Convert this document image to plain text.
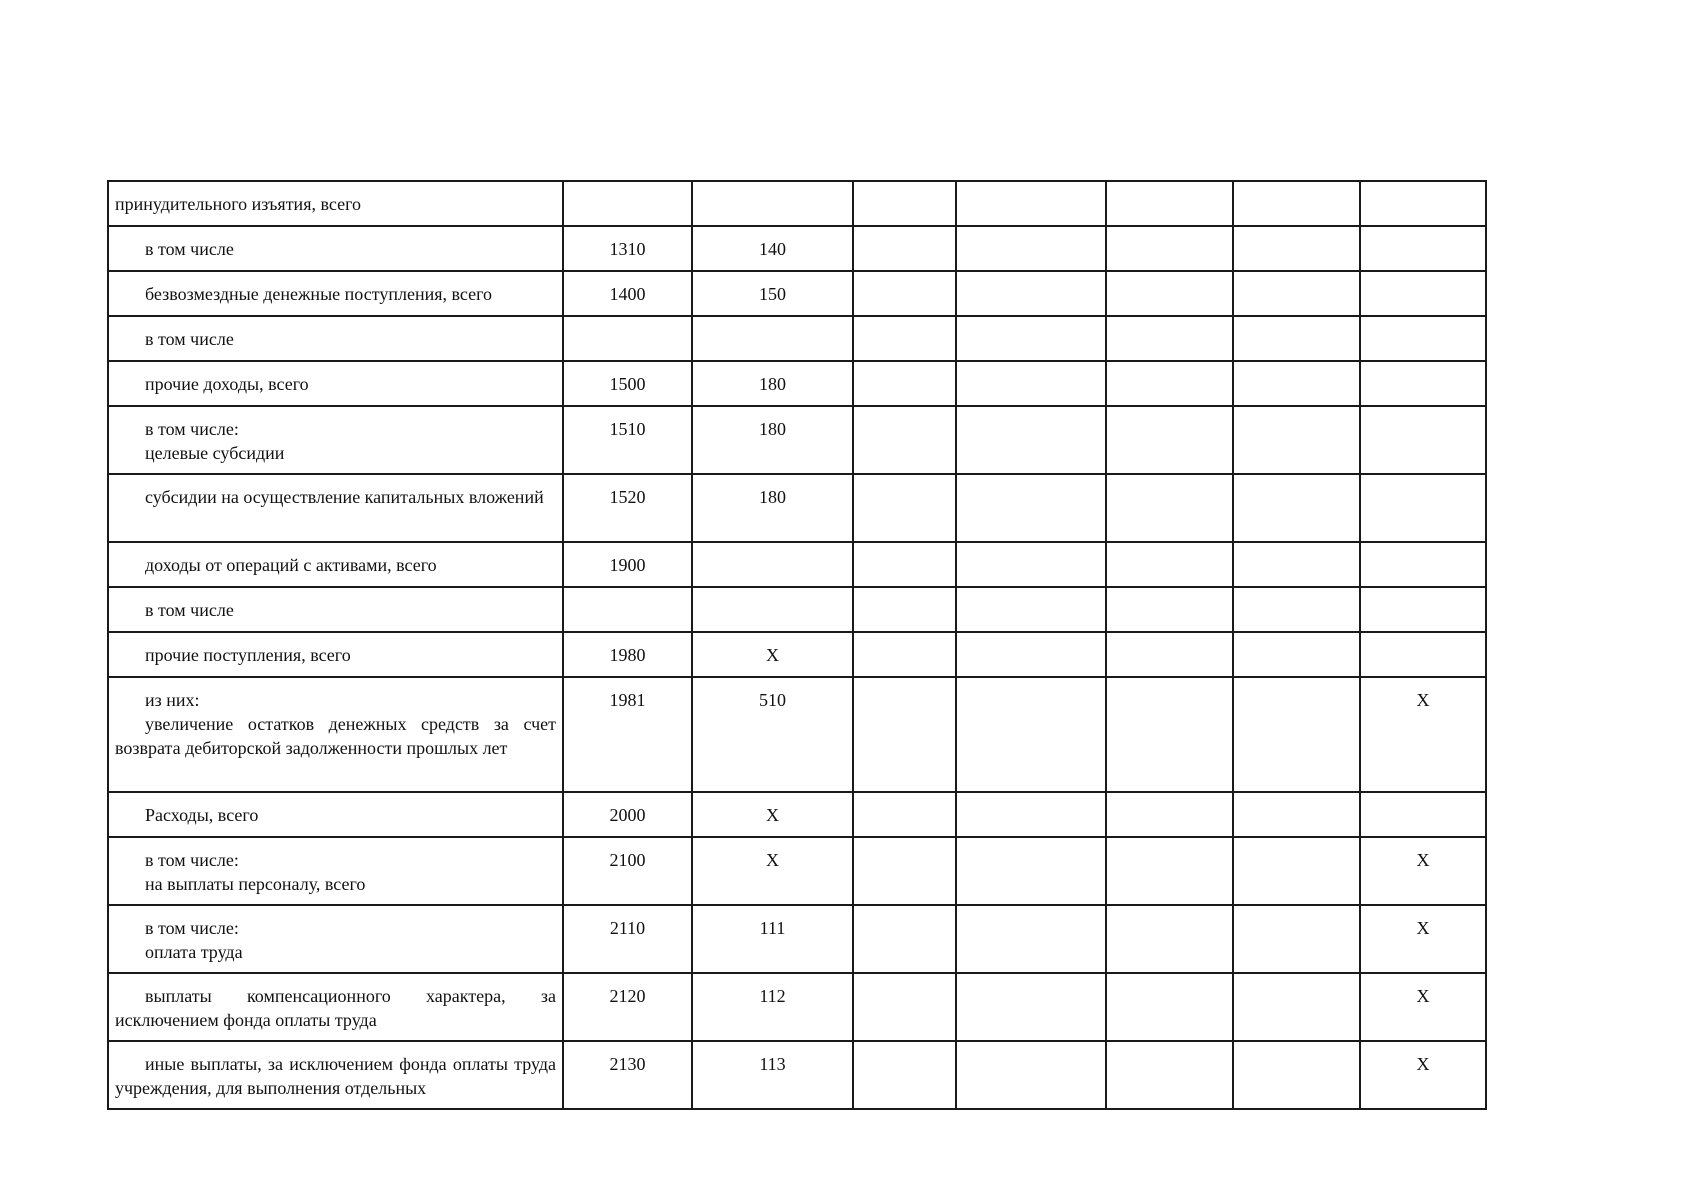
принудительного изъятия, всего							

в том числе	1310	140					

безвозмездные денежные поступления, всего	1400	150					

в том числе							

прочие доходы, всего	1500	180					

в том числе:
целевые субсидии	1510	180					

субсидии на осуществление капитальных вложений	1520	180					

доходы от операций с активами, всего	1900						

в том числе							

прочие поступления, всего	1980	X					

из них:
увеличение остатков денежных средств за счет возврата дебиторской задолженности прошлых лет	1981	510					X

Расходы, всего	2000	X					

в том числе:
на выплаты персоналу, всего	2100	X					X

в том числе:
оплата труда	2110	111					X

выплаты компенсационного характера, за исключением фонда оплаты труда	2120	112					X

иные выплаты, за исключением фонда оплаты труда учреждения, для выполнения отдельных	2130	113					X
